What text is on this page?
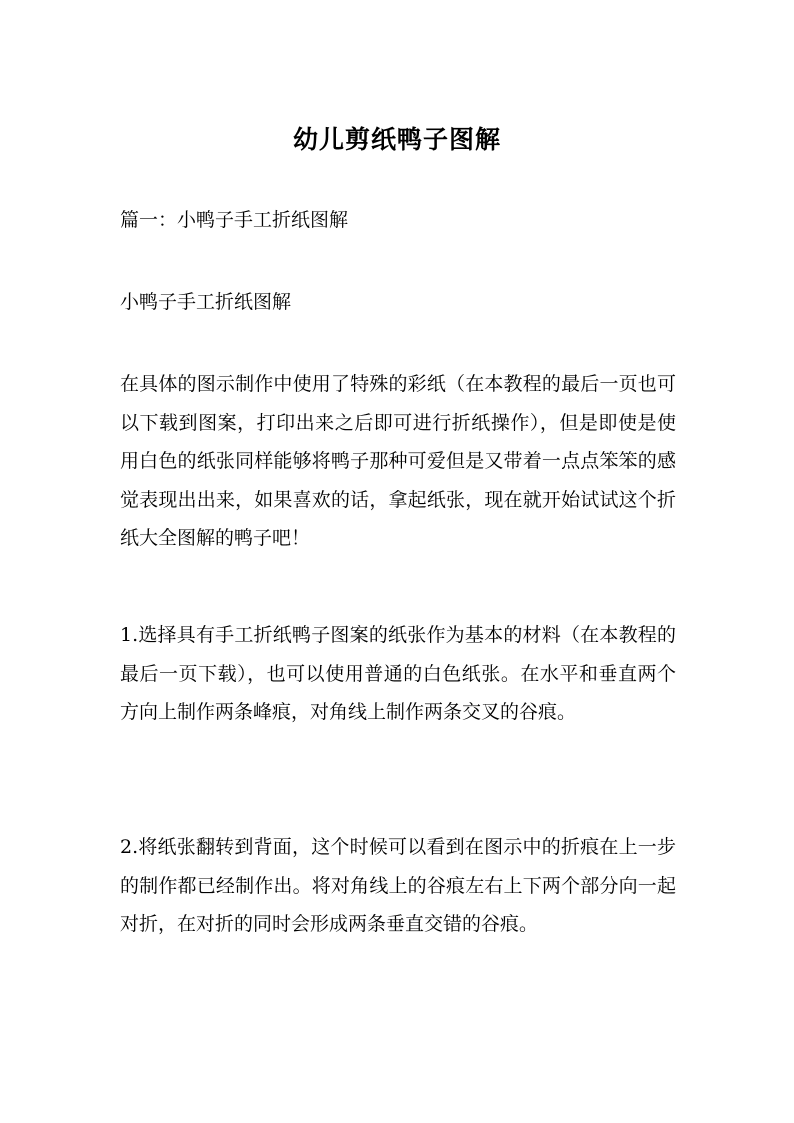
幼儿剪纸鸭子图解

篇一：小鸭子手工折纸图解

小鸭子手工折纸图解

在具体的图示制作中使用了特殊的彩纸（在本教程的最后一页也可以下载到图案，打印出来之后即可进行折纸操作），但是即使是使用白色的纸张同样能够将鸭子那种可爱但是又带着一点点笨笨的感觉表现出出来，如果喜欢的话，拿起纸张，现在就开始试试这个折纸大全图解的鸭子吧！

1.选择具有手工折纸鸭子图案的纸张作为基本的材料（在本教程的最后一页下载），也可以使用普通的白色纸张。在水平和垂直两个方向上制作两条峰痕，对角线上制作两条交叉的谷痕。

2.将纸张翻转到背面，这个时候可以看到在图示中的折痕在上一步的制作都已经制作出。将对角线上的谷痕左右上下两个部分向一起对折，在对折的同时会形成两条垂直交错的谷痕。
